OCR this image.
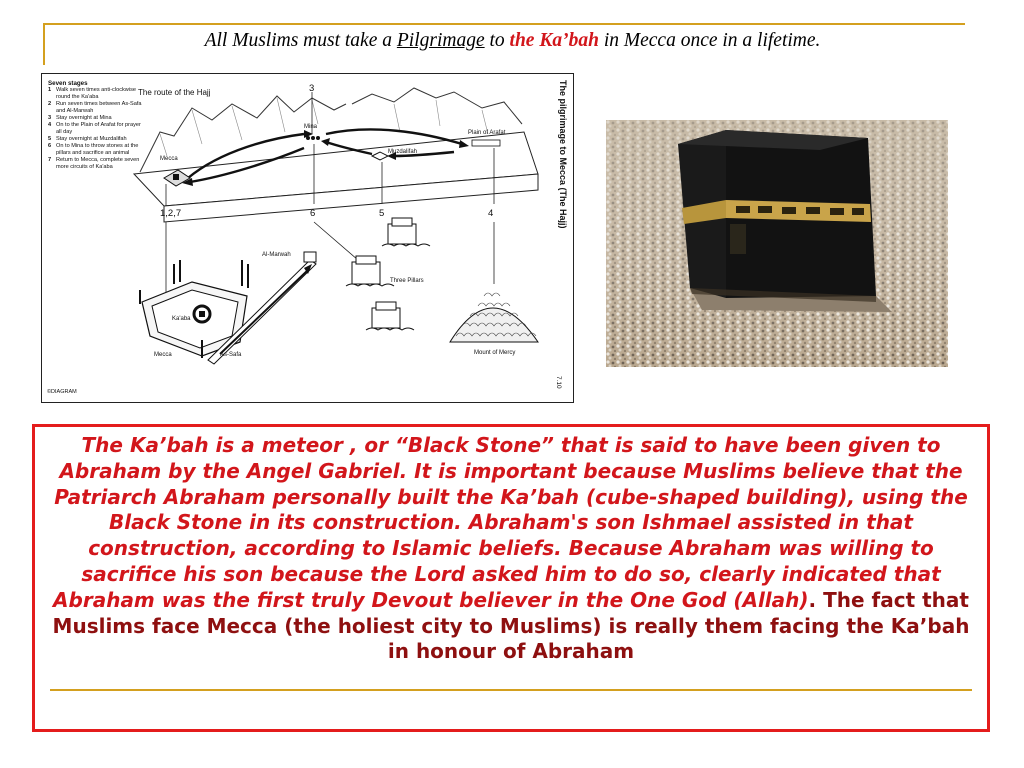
All Muslims must take a Pilgrimage to the Ka’bah in Mecca once in a lifetime.
Seven stages
1 Walk seven times anti-clockwise round the Ka'aba
2 Run seven times between As-Safa and Al-Marwah
3 Stay overnight at Mina
4 On to the Plain of Arafat for prayer all day
5 Stay overnight at Muzdalifah
6 On to Mina to throw stones at the pillars and sacrifice an animal
7 Return to Mecca, complete seven more circuits of Ka'aba
The route of the Hajj	The pilgrimage to Mecca (The Hajj)
Mecca
Mina
Muzdalifah
Plain of Arafat
3
1,2,7	6	5	4
Al-Marwah
Three Pillars
Ka'aba
Mecca	As-Safa	Mount of Mercy
7.10
©DIAGRAM

The Ka’bah is a meteor , or “Black Stone” that is said to have been given to Abraham by the Angel Gabriel. It is important because Muslims believe that the Patriarch Abraham personally built the Ka’bah (cube-shaped building), using the Black Stone in its construction. Abraham's son Ishmael assisted in that construction, according to Islamic beliefs. Because Abraham was willing to sacrifice his son because the Lord asked him to do so, clearly indicated that Abraham was the first truly Devout believer in the One God (Allah). The fact that Muslims face Mecca (the holiest city to Muslims) is really them facing the Ka’bah in honour of Abraham
